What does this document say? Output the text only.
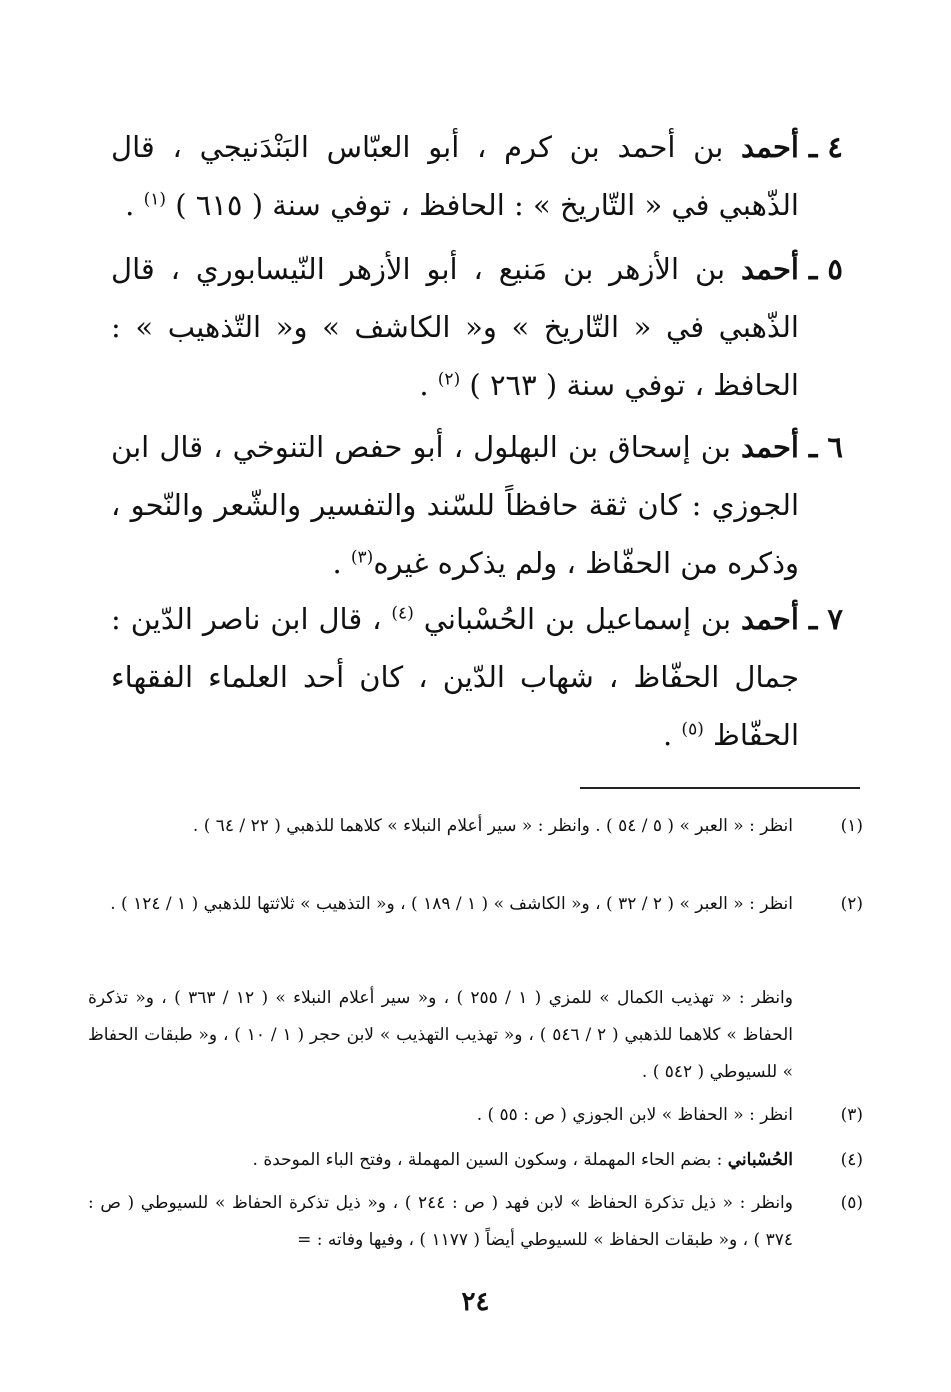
٤ ـ
أحمد بن أحمد بن كرم ، أبو العبّاس البَنْدَنيجي ، قال الذّهبي في « التّاريخ » : الحافظ ، توفي سنة ( ٦١٥ ) $^{(١)}$ .
٥ ـ
أحمد بن الأزهر بن مَنيع ، أبو الأزهر النّيسابوري ، قال الذّهبي في « التّاريخ » و« الكاشف » و« التّذهيب » : الحافظ ، توفي سنة ( ٢٦٣ ) $^{(٢)}$ .
٦ ـ
أحمد بن إسحاق بن البهلول ، أبو حفص التنوخي ، قال ابن الجوزي : كان ثقة حافظاً للسّند والتفسير والشّعر والنّحو ، وذكره من الحفّاظ ، ولم يذكره غيره$^{(٣)}$ .
٧ ـ
أحمد بن إسماعيل بن الحُسْباني $^{(٤)}$ ، قال ابن ناصر الدّين : جمال الحفّاظ ، شهاب الدّين ، كان أحد العلماء الفقهاء الحفّاظ $^{(٥)}$ .
(١)
انظر : « العبر » ( ٥ / ٥٤ ) . وانظر : « سير أعلام النبلاء » كلاهما للذهبي ( ٢٢ / ٦٤ ) .
(٢)
انظر : « العبر » ( ٢ / ٣٢ ) ، و« الكاشف » ( ١ / ١٨٩ ) ، و« التذهيب » ثلاثتها للذهبي ( ١ / ١٢٤ ) .
وانظر : « تهذيب الكمال » للمزي ( ١ / ٢٥٥ ) ، و« سير أعلام النبلاء » ( ١٢ / ٣٦٣ ) ، و« تذكرة الحفاظ » كلاهما للذهبي ( ٢ / ٥٤٦ ) ، و« تهذيب التهذيب » لابن حجر ( ١ / ١٠ ) ، و« طبقات الحفاظ » للسيوطي ( ٥٤٢ ) .
(٣)
انظر : « الحفاظ » لابن الجوزي ( ص : ٥٥ ) .
(٤)
الحُسْباني : بضم الحاء المهملة ، وسكون السين المهملة ، وفتح الباء الموحدة .
(٥)
وانظر : « ذيل تذكرة الحفاظ » لابن فهد ( ص : ٢٤٤ ) ، و« ذيل تذكرة الحفاظ » للسيوطي ( ص : ٣٧٤ ) ، و« طبقات الحفاظ » للسيوطي أيضاً ( ١١٧٧ ) ، وفيها وفاته : =
٢٤
